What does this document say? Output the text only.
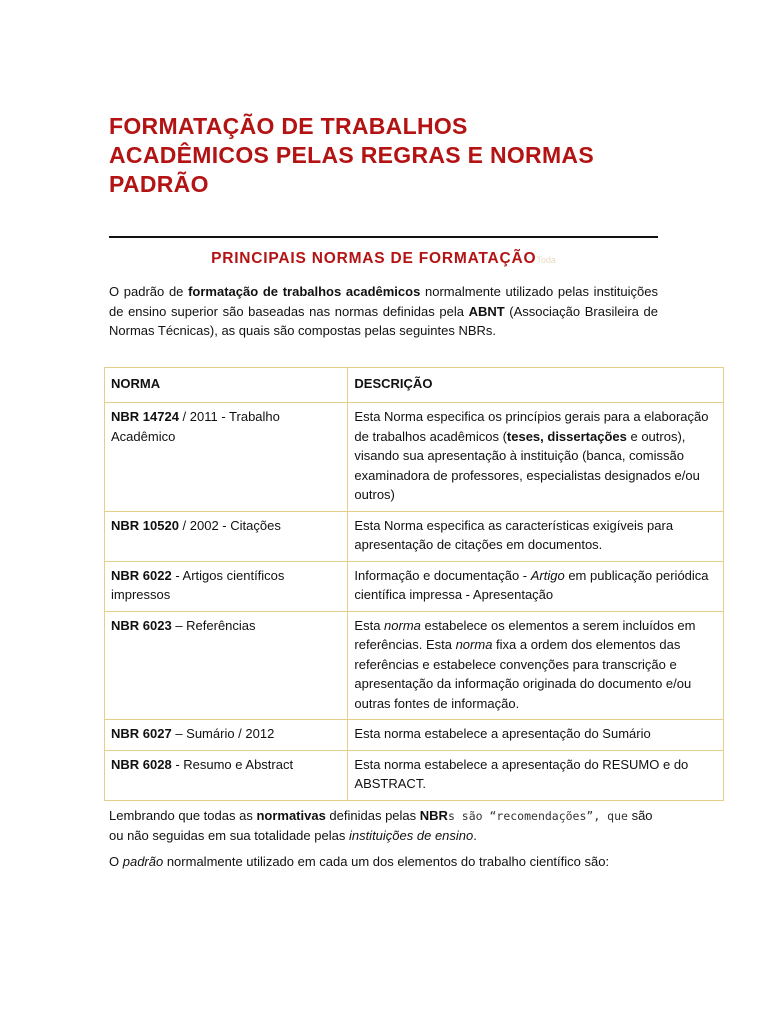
FORMATAÇÃO DE TRABALHOS
ACADÊMICOS PELAS REGRAS E NORMAS
PADRÃO
PRINCIPAIS NORMAS DE FORMATAÇÃOToda

O padrão de formatação de trabalhos acadêmicos normalmente utilizado pelas instituições de ensino superior são baseadas nas normas definidas pela ABNT (Associação Brasileira de Normas Técnicas), as quais são compostas pelas seguintes NBRs.

NORMA	DESCRIÇÃO
NBR 14724 / 2011 - Trabalho Acadêmico	Esta Norma especifica os princípios gerais para a elaboração de trabalhos acadêmicos (teses, dissertações e outros), visando sua apresentação à instituição (banca, comissão examinadora de professores, especialistas designados e/ou outros)
NBR 10520 / 2002 - Citações	Esta Norma especifica as características exigíveis para apresentação de citações em documentos.
NBR 6022 - Artigos científicos impressos	Informação e documentação - Artigo em publicação periódica científica impressa - Apresentação
NBR 6023 – Referências	Esta norma estabelece os elementos a serem incluídos em referências. Esta norma fixa a ordem dos elementos das referências e estabelece convenções para transcrição e apresentação da informação originada do documento e/ou outras fontes de informação.
NBR 6027 – Sumário / 2012	Esta norma estabelece a apresentação do Sumário
NBR 6028 - Resumo e Abstract	Esta norma estabelece a apresentação do RESUMO e do ABSTRACT.
Lembrando que todas as normativas definidas pelas NBRs são “recomendações”, que são ou não seguidas em sua totalidade pelas instituições de ensino.
O padrão normalmente utilizado em cada um dos elementos do trabalho científico são:
